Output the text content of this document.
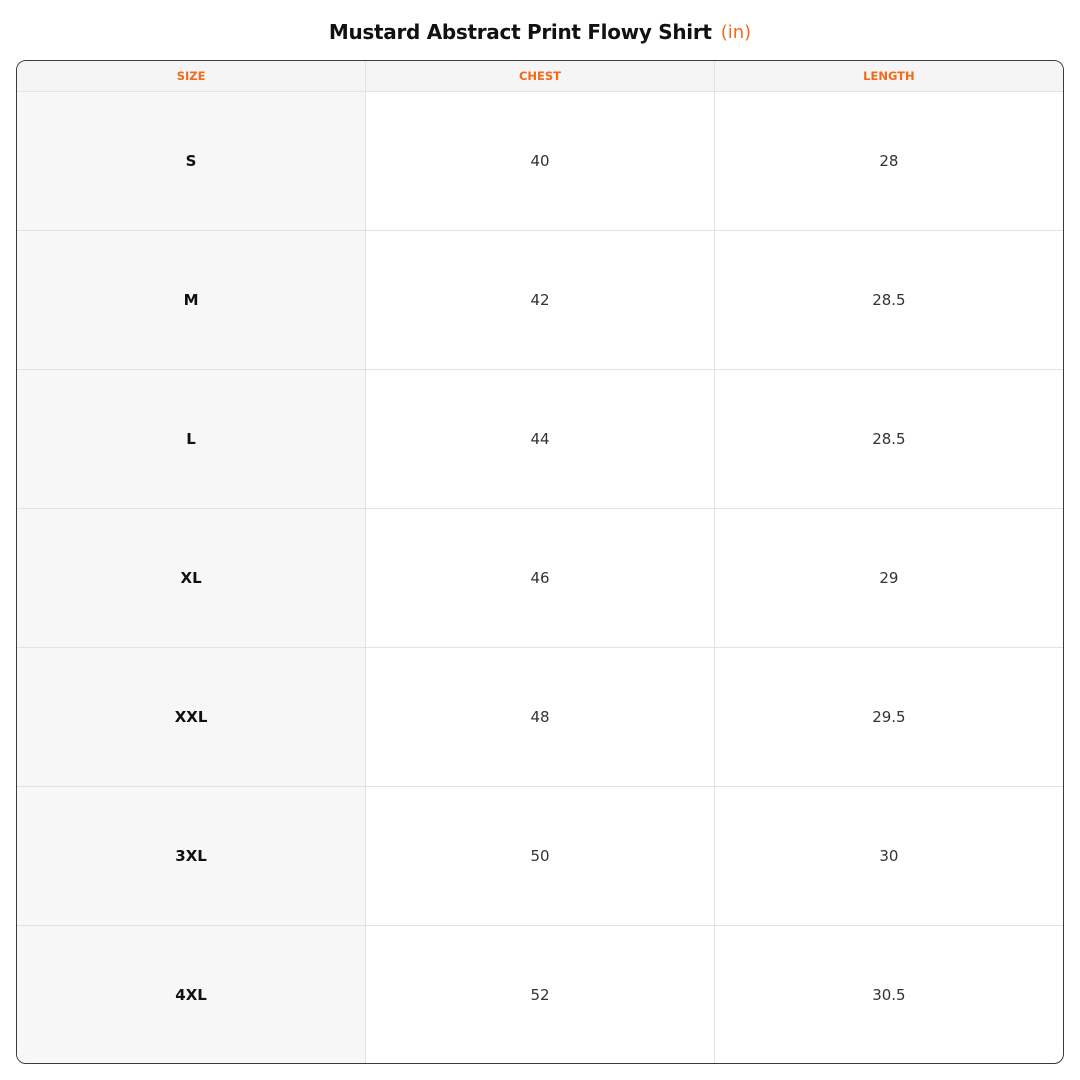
Mustard Abstract Print Flowy Shirt (in)
SIZE	CHEST	LENGTH
S	40	28
M	42	28.5
L	44	28.5
XL	46	29
XXL	48	29.5
3XL	50	30
4XL	52	30.5
